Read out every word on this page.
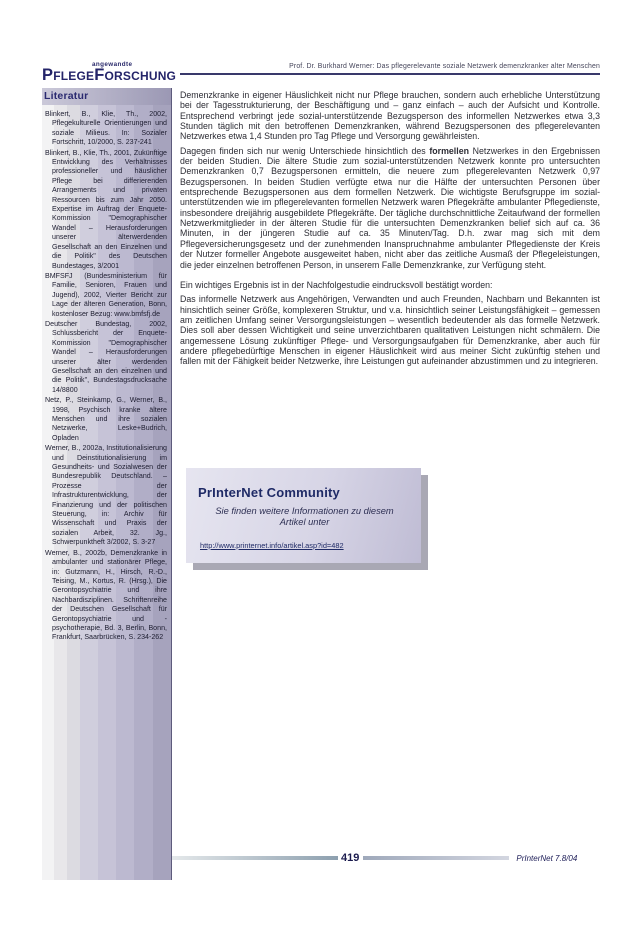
Prof. Dr. Burkhard Werner: Das pflegerelevante soziale Netzwerk demenzkranker alter Menschen
angewandte
PflegeForschung
Literatur
Blinkert, B., Klie, Th., 2002, Pflegekulturelle Orientierungen und soziale Milieus. In: Sozialer Fortschritt, 10/2000, S. 237-241
Blinkert, B., Klie, Th., 2001, Zukünftige Entwicklung des Verhältnisses professioneller und häuslicher Pflege bei differierenden Arrangements und privaten Ressourcen bis zum Jahr 2050. Expertise im Auftrag der Enquete-Kommission "Demographischer Wandel – Herausforderungen unserer älterwerdenden Gesellschaft an den Einzelnen und die Politik" des Deutschen Bundestages, 3/2001
BMFSFJ (Bundesministerium für Familie, Senioren, Frauen und Jugend), 2002, Vierter Bericht zur Lage der älteren Generation, Bonn, kostenloser Bezug: www.bmfsfj.de
Deutscher Bundestag, 2002, Schlussbericht der Enquete-Kommission "Demographischer Wandel – Herausforderungen unserer älter werdenden Gesellschaft an den einzelnen und die Politik", Bundestagsdrucksache 14/8800
Netz, P., Steinkamp, G., Werner, B., 1998, Psychisch kranke ältere Menschen und ihre sozialen Netzwerke, Leske+Budrich, Opladen
Werner, B., 2002a, Institutionalisierung und Deinstitutionalisierung im Gesundheits- und Sozialwesen der Bundesrepublik Deutschland. – Prozesse der Infrastrukturentwicklung, der Finanzierung und der politischen Steuerung, in: Archiv für Wissenschaft und Praxis der sozialen Arbeit, 32. Jg., Schwerpunktheft 3/2002, S. 3-27
Werner, B., 2002b, Demenzkranke in ambulanter und stationärer Pflege, in: Gutzmann, H., Hirsch, R.-D., Teising, M., Kortus, R. (Hrsg.), Die Gerontopsychiatrie und ihre Nachbardisziplinen. Schriftenreihe der Deutschen Gesellschaft für Gerontopsychiatrie und -psychotherapie, Bd. 3, Berlin, Bonn, Frankfurt, Saarbrücken, S. 234-262

Demenzkranke in eigener Häuslichkeit nicht nur Pflege brauchen, sondern auch erhebliche Unterstützung bei der Tagesstrukturierung, der Beschäftigung und – ganz einfach – auch der Aufsicht und Kontrolle. Entsprechend verbringt jede sozial-unterstützende Bezugsperson des informellen Netzwerkes etwa 3,3 Stunden täglich mit den betroffenen Demenzkranken, während Bezugspersonen des pflegerelevanten Netzwerkes etwa 1,4 Stunden pro Tag Pflege und Versorgung gewährleisten.

Dagegen finden sich nur wenig Unterschiede hinsichtlich des formellen Netzwerkes in den Ergebnissen der beiden Studien. Die ältere Studie zum sozial-unterstützenden Netzwerk konnte pro untersuchten Demenzkranken 0,7 Bezugspersonen ermitteln, die neuere zum pflegerelevanten Netzwerk 0,97 Bezugspersonen. In beiden Studien verfügte etwa nur die Hälfte der untersuchten Personen über entsprechende Bezugspersonen aus dem formellen Netzwerk. Die wichtigste Berufsgruppe im sozial-unterstützenden wie im pflegerelevanten formellen Netzwerk waren Pflegekräfte ambulanter Pflegedienste, insbesondere dreijährig ausgebildete Pflegekräfte. Der tägliche durchschnittliche Zeitaufwand der formellen Netzwerkmitglieder in der älteren Studie für die untersuchten Demenzkranken belief sich auf ca. 36 Minuten, in der jüngeren Studie auf ca. 35 Minuten/Tag. D.h. zwar mag sich mit dem Pflegeversicherungsgesetz und der zunehmenden Inanspruchnahme ambulanter Pflegedienste der Kreis der Nutzer formeller Angebote ausgeweitet haben, nicht aber das zeitliche Ausmaß der Pflegeleistungen, die jeder einzelnen betroffenen Person, in unserem Falle Demenzkranke, zur Verfügung steht.

Ein wichtiges Ergebnis ist in der Nachfolgestudie eindrucksvoll bestätigt worden:

Das informelle Netzwerk aus Angehörigen, Verwandten und auch Freunden, Nachbarn und Bekannten ist hinsichtlich seiner Größe, komplexeren Struktur, und v.a. hinsichtlich seiner Leistungsfähigkeit – gemessen am zeitlichen Umfang seiner Versorgungsleistungen – wesentlich bedeutender als das formelle Netzwerk. Dies soll aber dessen Wichtigkeit und seine unverzichtbaren qualitativen Leistungen nicht schmälern. Die angemessene Lösung zukünftiger Pflege- und Versorgungsaufgaben für Demenzkranke, aber auch für andere pflegebedürftige Menschen in eigener Häuslichkeit wird aus meiner Sicht zukünftig stehen und fallen mit der Fähigkeit beider Netzwerke, ihre Leistungen gut aufeinander abzustimmen und zu integrieren.

PrInterNet Community
Sie finden weitere Informationen zu diesem Artikel unter
http://www.printernet.info/artikel.asp?id=482
419	PrInterNet 7.8/04
